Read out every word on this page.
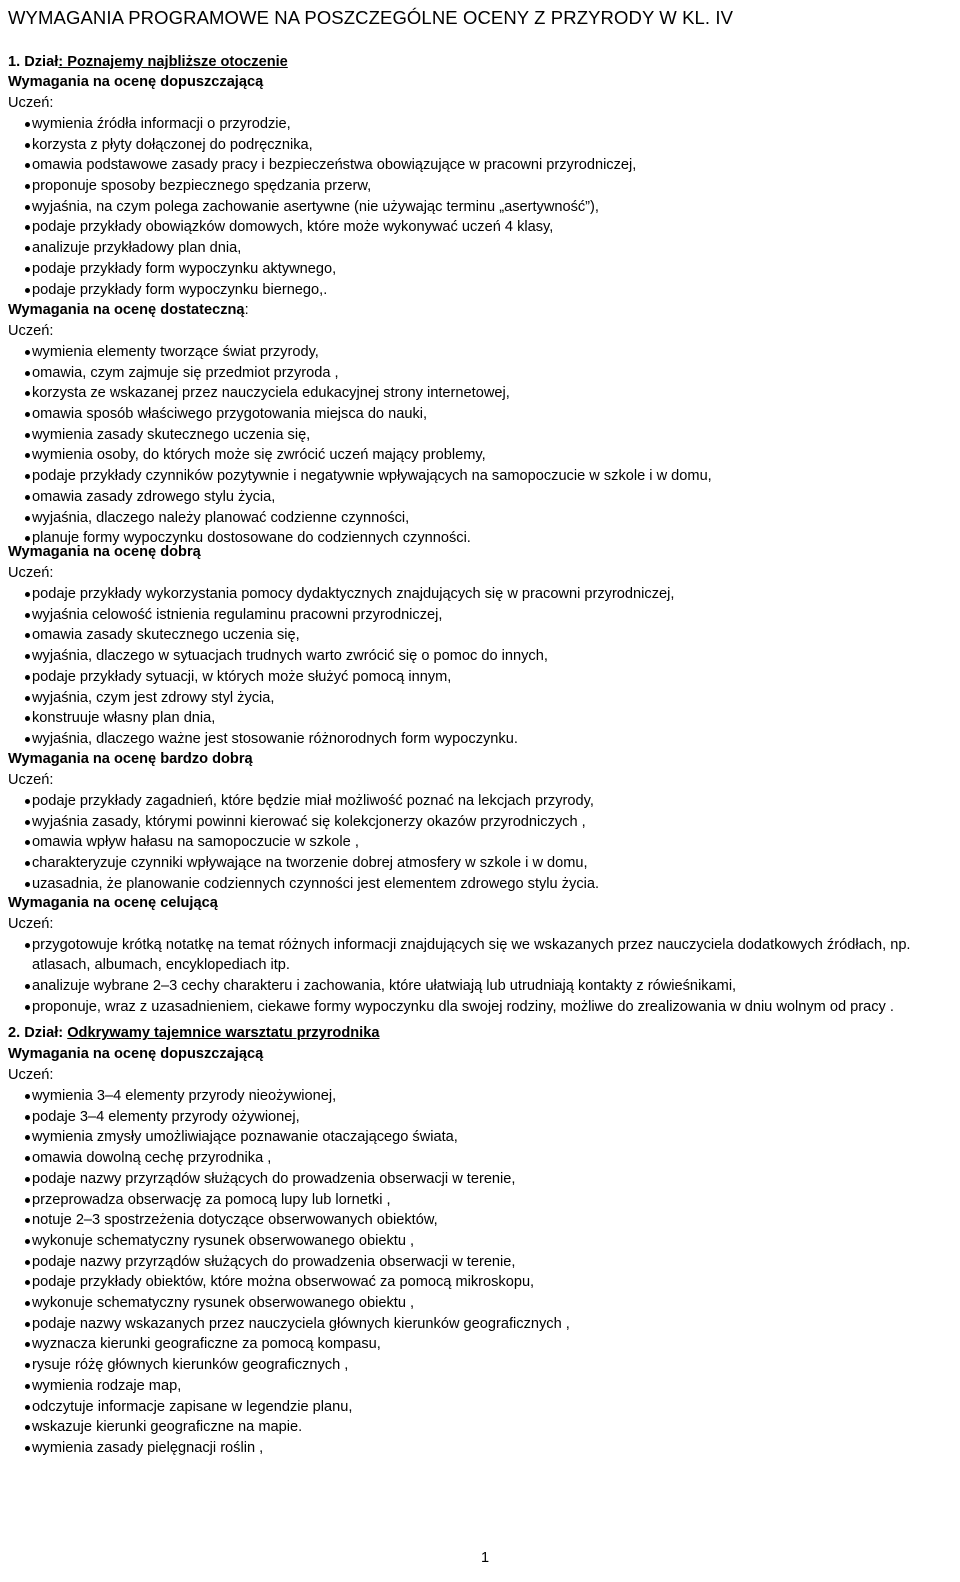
WYMAGANIA PROGRAMOWE NA POSZCZEGÓLNE OCENY Z PRZYRODY W KL. IV
1. Dział: Poznajemy najbliższe otoczenie
Wymagania na ocenę dopuszczającą
Uczeń:
wymienia źródła informacji o przyrodzie,
korzysta z płyty dołączonej do podręcznika,
omawia podstawowe zasady pracy i bezpieczeństwa obowiązujące w pracowni przyrodniczej,
proponuje sposoby bezpiecznego spędzania przerw,
wyjaśnia, na czym polega zachowanie asertywne (nie używając terminu „asertywność”),
podaje przykłady obowiązków domowych, które może wykonywać uczeń 4 klasy,
analizuje przykładowy plan dnia,
podaje przykłady form wypoczynku aktywnego,
podaje przykłady form wypoczynku biernego,.
Wymagania na ocenę dostateczną:
Uczeń:
wymienia elementy tworzące świat przyrody,
omawia, czym zajmuje się przedmiot przyroda ,
korzysta ze wskazanej przez nauczyciela edukacyjnej strony internetowej,
omawia sposób właściwego przygotowania miejsca do nauki,
wymienia zasady skutecznego uczenia się,
wymienia osoby, do których może się zwrócić uczeń mający problemy,
podaje przykłady czynników pozytywnie i negatywnie wpływających na samopoczucie w szkole i w domu,
omawia zasady zdrowego stylu życia,
wyjaśnia, dlaczego należy planować codzienne czynności,
planuje formy wypoczynku dostosowane do codziennych czynności.
Wymagania na ocenę dobrą
Uczeń:
podaje przykłady wykorzystania pomocy dydaktycznych znajdujących się w pracowni przyrodniczej,
wyjaśnia celowość istnienia regulaminu pracowni przyrodniczej,
omawia zasady skutecznego uczenia się,
wyjaśnia, dlaczego w sytuacjach trudnych warto zwrócić się o pomoc do innych,
podaje przykłady sytuacji, w których może służyć pomocą innym,
wyjaśnia, czym jest zdrowy styl życia,
konstruuje własny plan dnia,
wyjaśnia, dlaczego ważne jest stosowanie różnorodnych form wypoczynku.
Wymagania na ocenę bardzo dobrą
Uczeń:
podaje przykłady zagadnień, które będzie miał możliwość poznać na lekcjach przyrody,
wyjaśnia zasady, którymi powinni kierować się kolekcjonerzy okazów przyrodniczych ,
omawia wpływ hałasu na samopoczucie w szkole ,
charakteryzuje czynniki wpływające na tworzenie dobrej atmosfery w szkole i w domu,
uzasadnia, że planowanie codziennych czynności jest elementem zdrowego stylu życia.
Wymagania na ocenę celującą
Uczeń:
przygotowuje krótką notatkę na temat różnych informacji znajdujących się we wskazanych przez nauczyciela dodatkowych źródłach, np. atlasach, albumach, encyklopediach itp.
analizuje wybrane 2–3 cechy charakteru i zachowania, które ułatwiają lub utrudniają kontakty z rówieśnikami,
proponuje, wraz z uzasadnieniem, ciekawe formy wypoczynku dla swojej rodziny, możliwe do zrealizowania w dniu wolnym od pracy .
2. Dział: Odkrywamy tajemnice warsztatu przyrodnika
Wymagania na ocenę dopuszczającą
Uczeń:
wymienia 3–4 elementy przyrody nieożywionej,
podaje 3–4 elementy przyrody ożywionej,
wymienia zmysły umożliwiające poznawanie otaczającego świata,
omawia dowolną cechę przyrodnika ,
podaje nazwy przyrządów służących do prowadzenia obserwacji w terenie,
przeprowadza obserwację za pomocą lupy lub lornetki ,
notuje 2–3 spostrzeżenia dotyczące obserwowanych obiektów,
wykonuje schematyczny rysunek obserwowanego obiektu ,
podaje nazwy przyrządów służących do prowadzenia obserwacji w terenie,
podaje przykłady obiektów, które można obserwować za pomocą mikroskopu,
wykonuje schematyczny rysunek obserwowanego obiektu ,
podaje nazwy wskazanych przez nauczyciela głównych kierunków geograficznych ,
wyznacza kierunki geograficzne za pomocą kompasu,
rysuje różę głównych kierunków geograficznych ,
wymienia rodzaje map,
odczytuje informacje zapisane w legendzie planu,
wskazuje kierunki geograficzne na mapie.
wymienia zasady pielęgnacji roślin ,
1
